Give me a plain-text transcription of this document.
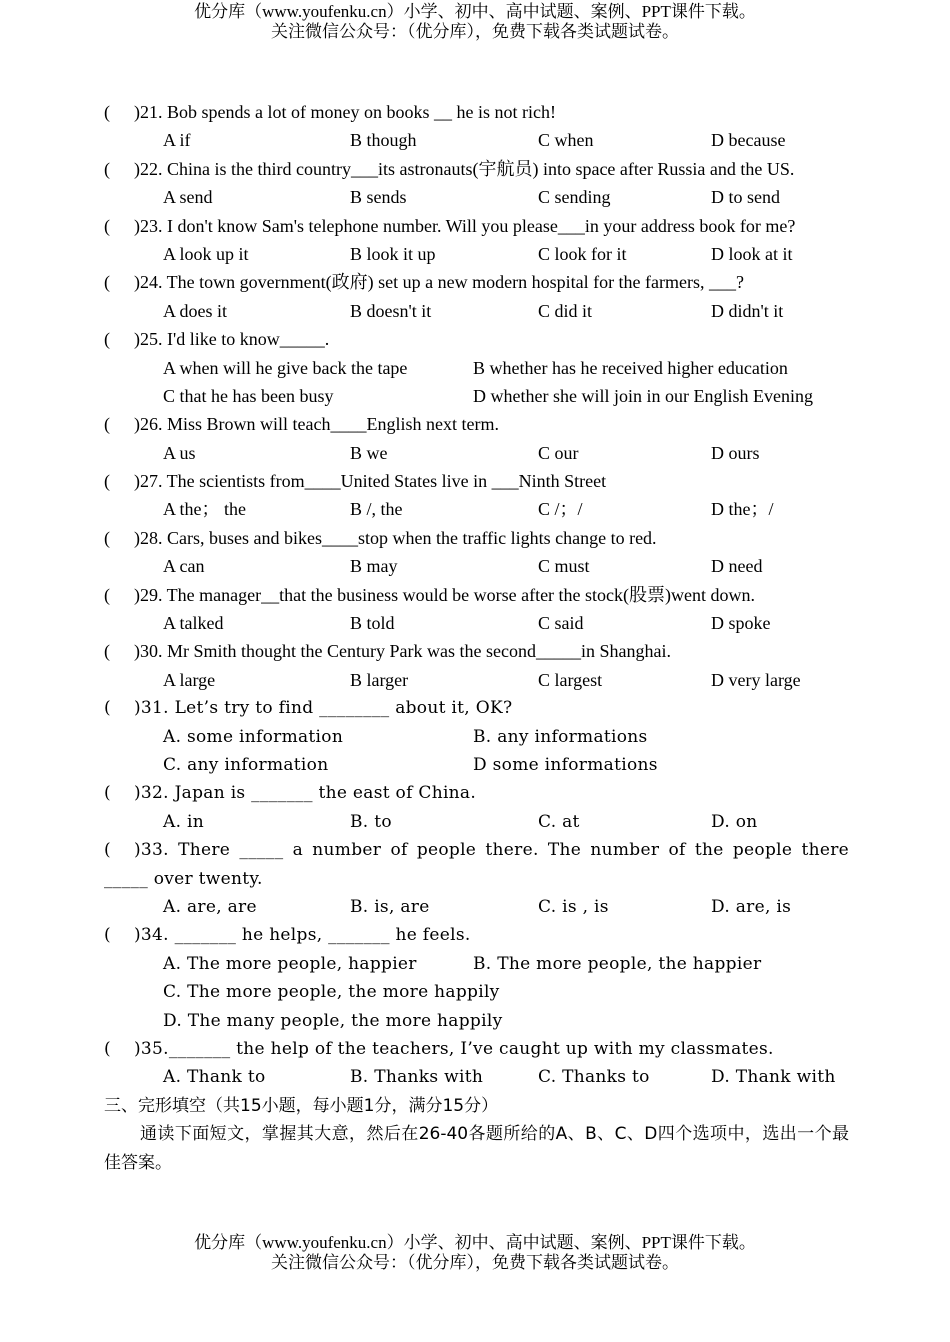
优分库（www.youfenku.cn）小学、初中、高中试题、案例、PPT课件下载。
关注微信公众号：（优分库），免费下载各类试题试卷。
( )21. Bob spends a lot of money on books __ he is not rich!
A if	B though	C when	D because
( )22. China is the third country___its astronauts(宇航员) into space after Russia and the US.
A send	B sends	C sending	D to send
( )23. I don't know Sam's telephone number. Will you please___in your address book for me?
A look up it	B look it up	C look for it	D look at it
( )24. The town government(政府) set up a new modern hospital for the farmers, ___?
A does it	B doesn't it	C did it	D didn't it
( )25. I'd like to know_____.
A when will he give back the tape	B whether has he received higher education
C that he has been busy	D whether she will join in our English Evening
( )26. Miss Brown will teach____English next term.
A us	B we	C our	D ours
( )27. The scientists from____United States live in ___Ninth Street
A the； the	B /, the	C /；/	D the；/
( )28. Cars, buses and bikes____stop when the traffic lights change to red.
A can	B may	C must	D need
( )29. The manager__that the business would be worse after the stock(股票)went down.
A talked	B told	C said	D spoke
( )30. Mr Smith thought the Century Park was the second_____in Shanghai.
A large	B larger	C largest	D very large
( )31. Let’s try to find ________ about it, OK?
A. some information	B. any informations
C. any information	D some informations
( )32. Japan is _______ the east of China.
A. in	B. to	C. at	D. on
( )33. There _____ a number of people there. The number of the people there _____ over twenty.
A. are, are	B. is, are	C. is , is	D. are, is
( )34. _______ he helps, _______ he feels.
A. The more people, happier	B. The more people, the happier
C. The more people, the more happily
D. The many people, the more happily
( )35._______ the help of the teachers, I’ve caught up with my classmates.
A. Thank to	B. Thanks with	C. Thanks to	D. Thank with
三、完形填空（共15小题，每小题1分，满分15分）
通读下面短文，掌握其大意，然后在26-40各题所给的A、B、C、D四个选项中，选出一个最佳答案。
优分库（www.youfenku.cn）小学、初中、高中试题、案例、PPT课件下载。
关注微信公众号：（优分库），免费下载各类试题试卷。
